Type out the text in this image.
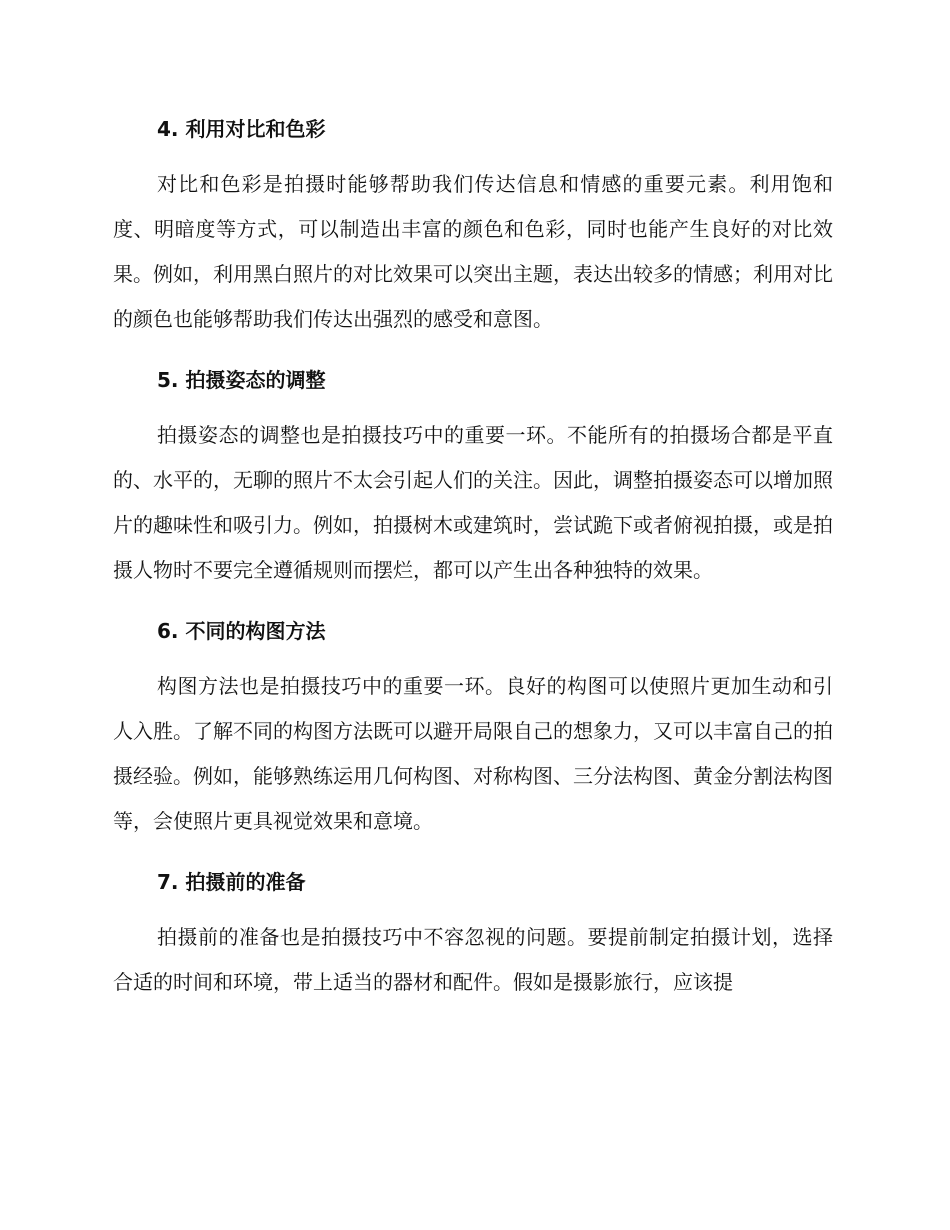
4. 利用对比和色彩

对比和色彩是拍摄时能够帮助我们传达信息和情感的重要元素。利用饱和度、明暗度等方式，可以制造出丰富的颜色和色彩，同时也能产生良好的对比效果。例如，利用黑白照片的对比效果可以突出主题，表达出较多的情感；利用对比的颜色也能够帮助我们传达出强烈的感受和意图。

5. 拍摄姿态的调整

拍摄姿态的调整也是拍摄技巧中的重要一环。不能所有的拍摄场合都是平直的、水平的，无聊的照片不太会引起人们的关注。因此，调整拍摄姿态可以增加照片的趣味性和吸引力。例如，拍摄树木或建筑时，尝试跪下或者俯视拍摄，或是拍摄人物时不要完全遵循规则而摆烂，都可以产生出各种独特的效果。

6. 不同的构图方法

构图方法也是拍摄技巧中的重要一环。良好的构图可以使照片更加生动和引人入胜。了解不同的构图方法既可以避开局限自己的想象力，又可以丰富自己的拍摄经验。例如，能够熟练运用几何构图、对称构图、三分法构图、黄金分割法构图等，会使照片更具视觉效果和意境。

7. 拍摄前的准备

拍摄前的准备也是拍摄技巧中不容忽视的问题。要提前制定拍摄计划，选择合适的时间和环境，带上适当的器材和配件。假如是摄影旅行，应该提
